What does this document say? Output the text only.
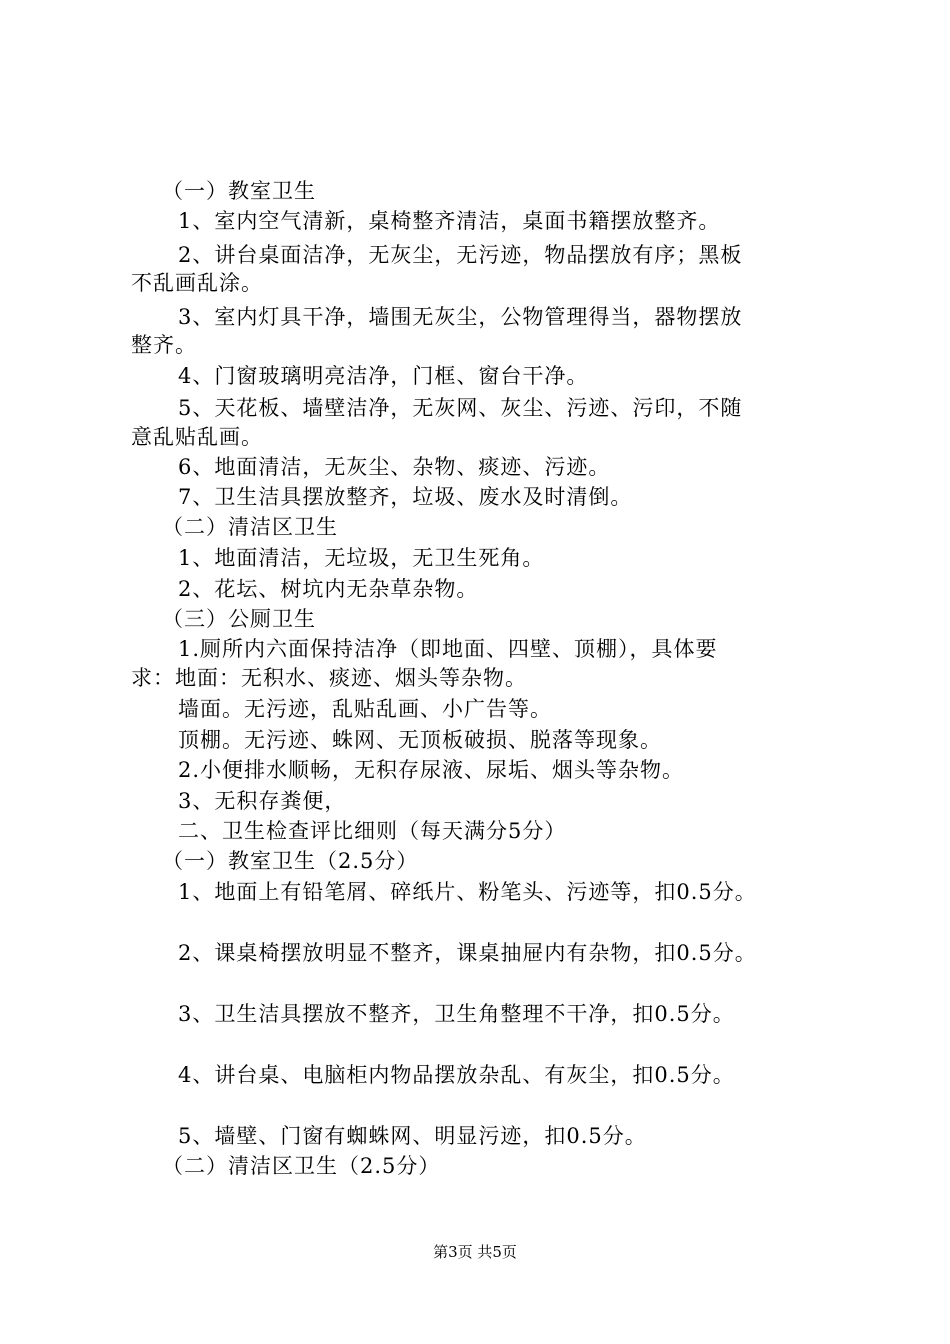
（一）教室卫生
1、室内空气清新，桌椅整齐清洁，桌面书籍摆放整齐。
2、讲台桌面洁净，无灰尘，无污迹，物品摆放有序；黑板
不乱画乱涂。
3、室内灯具干净，墙围无灰尘，公物管理得当，器物摆放
整齐。
4、门窗玻璃明亮洁净，门框、窗台干净。
5、天花板、墙壁洁净，无灰网、灰尘、污迹、污印，不随
意乱贴乱画。
6、地面清洁，无灰尘、杂物、痰迹、污迹。
7、卫生洁具摆放整齐，垃圾、废水及时清倒。
（二）清洁区卫生
1、地面清洁，无垃圾，无卫生死角。
2、花坛、树坑内无杂草杂物。
（三）公厕卫生
1.厕所内六面保持洁净（即地面、四壁、顶棚），具体要
求：地面：无积水、痰迹、烟头等杂物。
墙面。无污迹，乱贴乱画、小广告等。
顶棚。无污迹、蛛网、无顶板破损、脱落等现象。
2.小便排水顺畅，无积存尿液、尿垢、烟头等杂物。
3、无积存粪便，
二、卫生检查评比细则（每天满分5分）
（一）教室卫生（2.5分）
1、地面上有铅笔屑、碎纸片、粉笔头、污迹等，扣0.5分。
2、课桌椅摆放明显不整齐，课桌抽屉内有杂物，扣0.5分。
3、卫生洁具摆放不整齐，卫生角整理不干净，扣0.5分。
4、讲台桌、电脑柜内物品摆放杂乱、有灰尘，扣0.5分。
5、墙壁、门窗有蜘蛛网、明显污迹，扣0.5分。
（二）清洁区卫生（2.5分）
第3页 共5页
